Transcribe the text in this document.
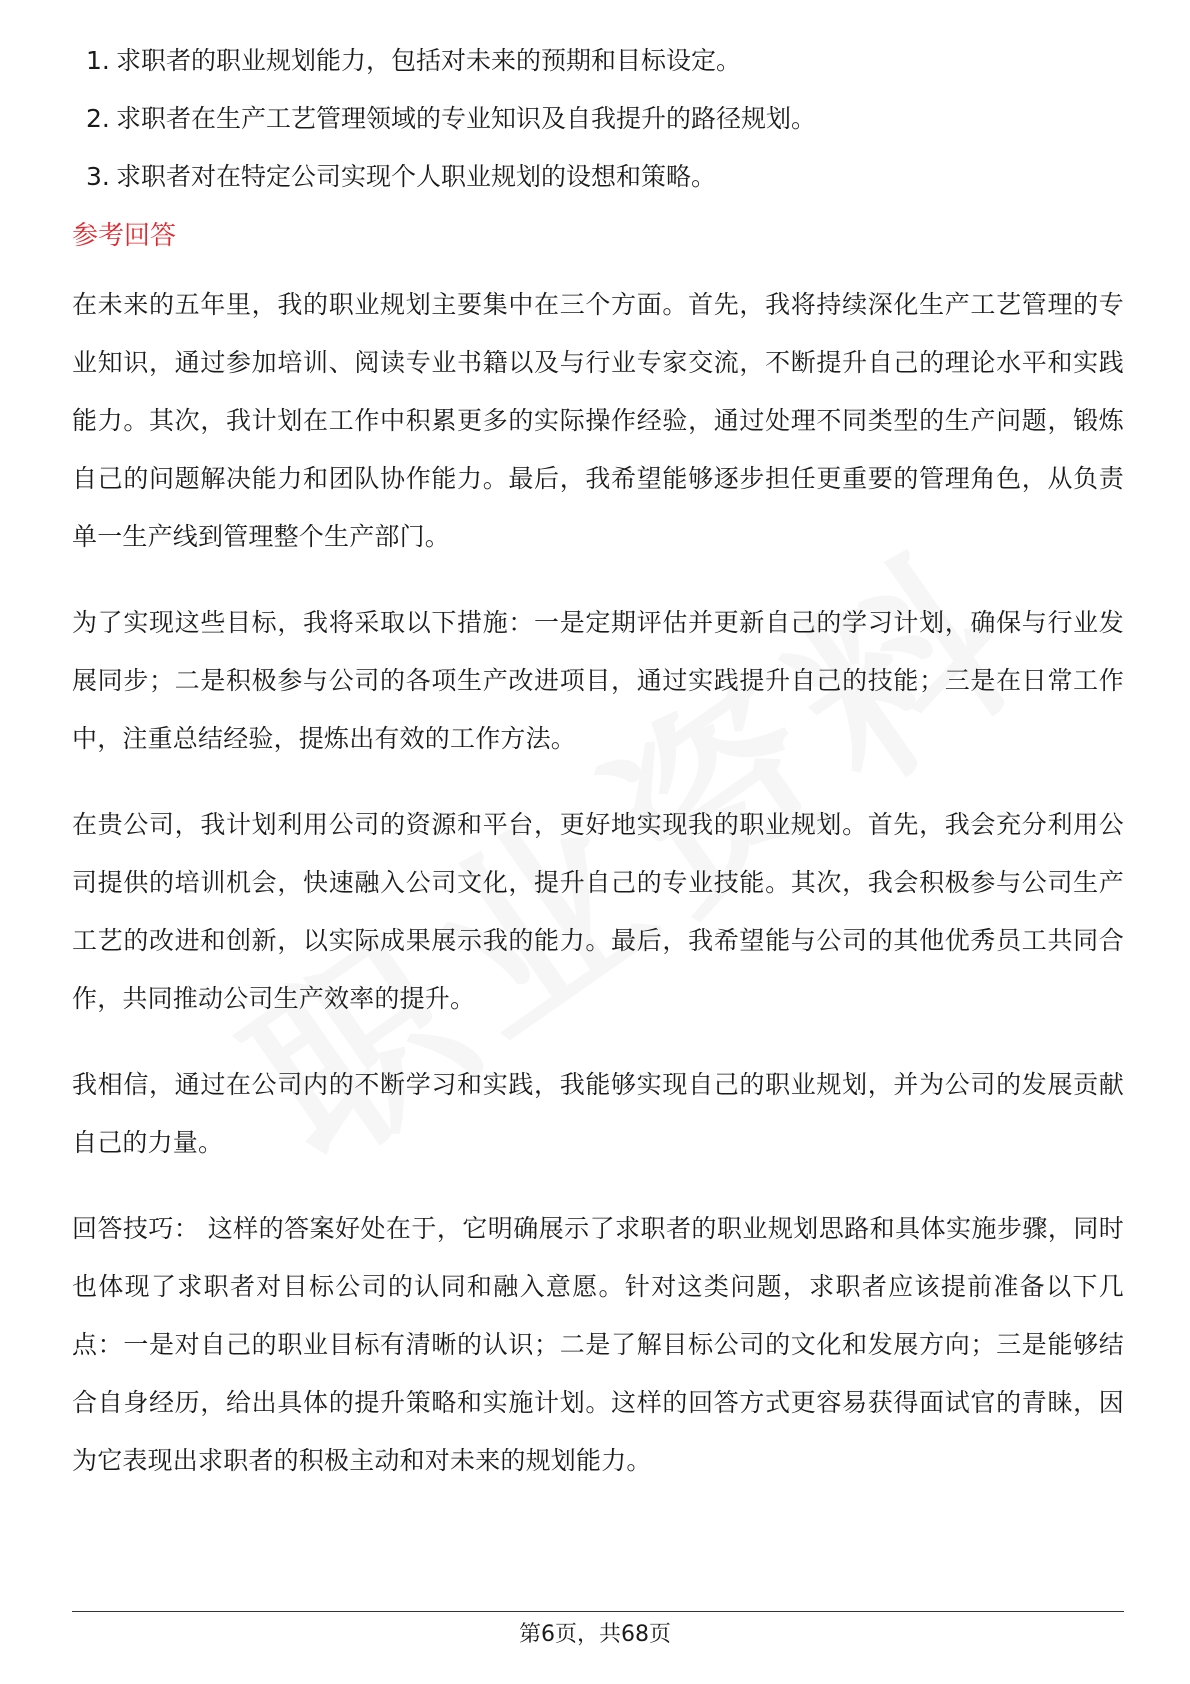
1. 求职者的职业规划能力，包括对未来的预期和目标设定。
2. 求职者在生产工艺管理领域的专业知识及自我提升的路径规划。
3. 求职者对在特定公司实现个人职业规划的设想和策略。
参考回答

在未来的五年里，我的职业规划主要集中在三个方面。首先，我将持续深化生产工艺管理的专业知识，通过参加培训、阅读专业书籍以及与行业专家交流，不断提升自己的理论水平和实践能力。其次，我计划在工作中积累更多的实际操作经验，通过处理不同类型的生产问题，锻炼自己的问题解决能力和团队协作能力。最后，我希望能够逐步担任更重要的管理角色，从负责单一生产线到管理整个生产部门。

为了实现这些目标，我将采取以下措施：一是定期评估并更新自己的学习计划，确保与行业发展同步；二是积极参与公司的各项生产改进项目，通过实践提升自己的技能；三是在日常工作中，注重总结经验，提炼出有效的工作方法。

在贵公司，我计划利用公司的资源和平台，更好地实现我的职业规划。首先，我会充分利用公司提供的培训机会，快速融入公司文化，提升自己的专业技能。其次，我会积极参与公司生产工艺的改进和创新，以实际成果展示我的能力。最后，我希望能与公司的其他优秀员工共同合作，共同推动公司生产效率的提升。

我相信，通过在公司内的不断学习和实践，我能够实现自己的职业规划，并为公司的发展贡献自己的力量。

回答技巧： 这样的答案好处在于，它明确展示了求职者的职业规划思路和具体实施步骤，同时也体现了求职者对目标公司的认同和融入意愿。针对这类问题，求职者应该提前准备以下几点：一是对自己的职业目标有清晰的认识；二是了解目标公司的文化和发展方向；三是能够结合自身经历，给出具体的提升策略和实施计划。这样的回答方式更容易获得面试官的青睐，因为它表现出求职者的积极主动和对未来的规划能力。

第6页，共68页
